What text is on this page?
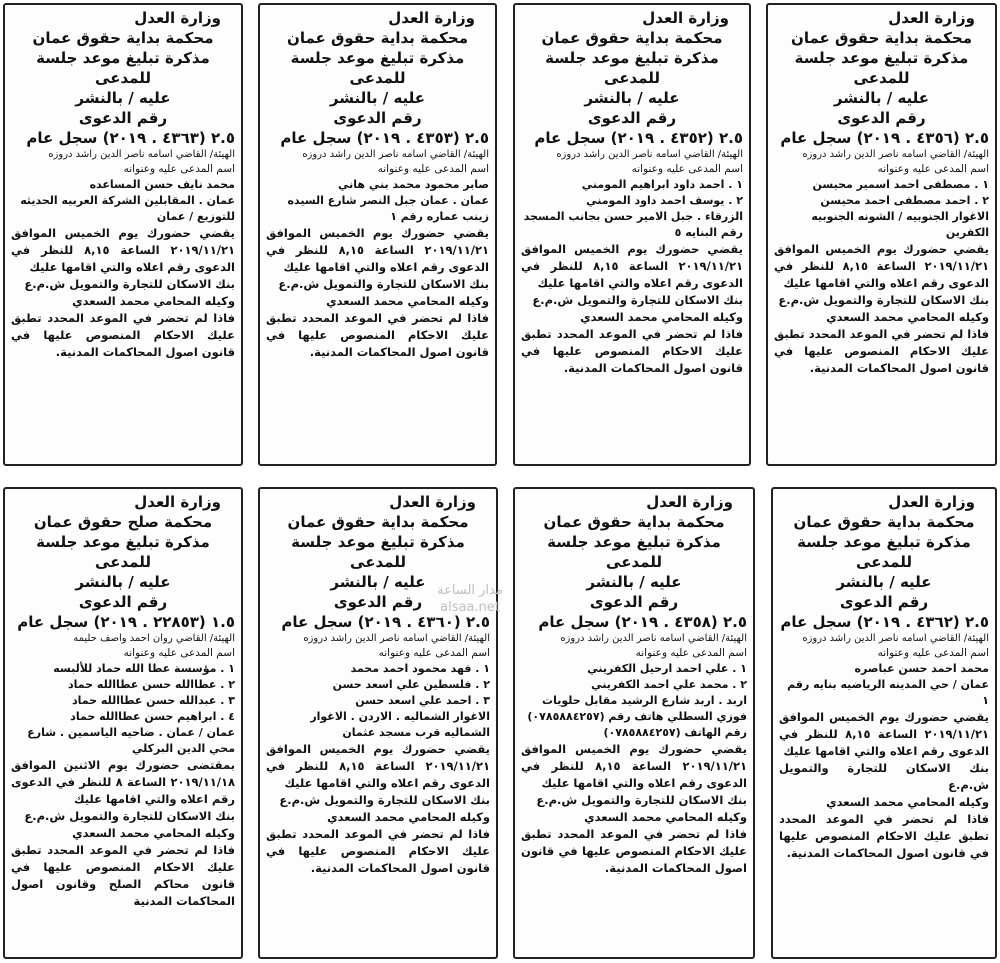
وزارة العدل
محكمة بداية حقوق عمان
مذكرة تبليغ موعد جلسة للمدعى
عليه / بالنشر
رقم الدعوى
٢.٥ (٤٣٥٦ . ٢٠١٩) سجل عام
الهيئة/ القاضي اسامه ناصر الدين راشد دروزه
اسم المدعى عليه وعنوانه
١ . مصطفى احمد اسمير محيسن
٢ . احمد مصطفى احمد محيسن
الاغوار الجنوبيه / الشونه الجنوبيه الكفرين

يقضي حضورك يوم الخميس الموافق ٢٠١٩/١١/٢١ الساعة ٨,١٥ للنظر في الدعوى رقم اعلاه والتي اقامها عليك

بنك الاسكان للتجارة والتمويل ش.م.ع

وكيله المحامي محمد السعدي

فاذا لم تحضر في الموعد المحدد تطبق عليك الاحكام المنصوص عليها في قانون اصول المحاكمات المدنية.

وزارة العدل
محكمة بداية حقوق عمان
مذكرة تبليغ موعد جلسة للمدعى
عليه / بالنشر
رقم الدعوى
٢.٥ (٤٣٥٢ . ٢٠١٩) سجل عام
الهيئة/ القاضي اسامه ناصر الدين راشد دروزه
اسم المدعى عليه وعنوانه
١ . احمد داود ابراهيم المومني
٢ . يوسف احمد داود المومني
الزرقاء . جبل الامير حسن بجانب المسجد رقم البنايه ٥

يقضي حضورك يوم الخميس الموافق ٢٠١٩/١١/٢١ الساعة ٨,١٥ للنظر في الدعوى رقم اعلاه والتي اقامها عليك

بنك الاسكان للتجارة والتمويل ش.م.ع

وكيله المحامي محمد السعدي

فاذا لم تحضر في الموعد المحدد تطبق عليك الاحكام المنصوص عليها في قانون اصول المحاكمات المدنية.

وزارة العدل
محكمة بداية حقوق عمان
مذكرة تبليغ موعد جلسة للمدعى
عليه / بالنشر
رقم الدعوى
٢.٥ (٤٣٥٣ . ٢٠١٩) سجل عام
الهيئة/ القاضي اسامه ناصر الدين راشد دروزه
اسم المدعى عليه وعنوانه
صابر محمود محمد بني هاني
عمان . عمان جبل النصر شارع السيده زينب عماره رقم ١

يقضي حضورك يوم الخميس الموافق ٢٠١٩/١١/٢١ الساعة ٨,١٥ للنظر في الدعوى رقم اعلاه والتي اقامها عليك

بنك الاسكان للتجارة والتمويل ش.م.ع

وكيله المحامي محمد السعدي

فاذا لم تحضر في الموعد المحدد تطبق عليك الاحكام المنصوص عليها في قانون اصول المحاكمات المدنية.

وزارة العدل
محكمة بداية حقوق عمان
مذكرة تبليغ موعد جلسة للمدعى
عليه / بالنشر
رقم الدعوى
٢.٥ (٤٣٦٣ . ٢٠١٩) سجل عام
الهيئة/ القاضي اسامه ناصر الدين راشد دروزه
اسم المدعى عليه وعنوانه
محمد نايف حسن المساعده
عمان . المقابلين الشركة العربيه الحديثه للتوزيع / عمان

يقضي حضورك يوم الخميس الموافق ٢٠١٩/١١/٢١ الساعة ٨,١٥ للنظر في الدعوى رقم اعلاه والتي اقامها عليك

بنك الاسكان للتجارة والتمويل ش.م.ع

وكيله المحامي محمد السعدي

فاذا لم تحضر في الموعد المحدد تطبق عليك الاحكام المنصوص عليها في قانون اصول المحاكمات المدنية.

وزارة العدل
محكمة بداية حقوق عمان
مذكرة تبليغ موعد جلسة للمدعى
عليه / بالنشر
رقم الدعوى
٢.٥ (٤٣٦٢ . ٢٠١٩) سجل عام
الهيئة/ القاضي اسامه ناصر الدين راشد دروزه
اسم المدعى عليه وعنوانه
محمد احمد حسن عباصره
عمان / حي المدينه الرياضيه بنايه رقم ١

يقضي حضورك يوم الخميس الموافق ٢٠١٩/١١/٢١ الساعة ٨,١٥ للنظر في الدعوى رقم اعلاه والتي اقامها عليك

بنك الاسكان للتجارة والتمويل ش.م.ع

وكيله المحامي محمد السعدي

فاذا لم تحضر في الموعد المحدد تطبق عليك الاحكام المنصوص عليها في قانون اصول المحاكمات المدنية.

وزارة العدل
محكمة بداية حقوق عمان
مذكرة تبليغ موعد جلسة للمدعى
عليه / بالنشر
رقم الدعوى
٢.٥ (٤٣٥٨ . ٢٠١٩) سجل عام
الهيئة/ القاضي اسامه ناصر الدين راشد دروزه
اسم المدعى عليه وعنوانه
١ . علي احمد ارحيل الكفريني
٢ . محمد علي احمد الكفريني
اربد . اربد شارع الرشيد مقابل حلويات فوزي السطلي هاتف رقم (٠٧٨٥٨٨٤٢٥٧) رقم الهاتف (٠٧٨٥٨٨٤٢٥٧)

يقضي حضورك يوم الخميس الموافق ٢٠١٩/١١/٢١ الساعة ٨,١٥ للنظر في الدعوى رقم اعلاه والتي اقامها عليك

بنك الاسكان للتجارة والتمويل ش.م.ع

وكيله المحامي محمد السعدي

فاذا لم تحضر في الموعد المحدد تطبق عليك الاحكام المنصوص عليها في قانون اصول المحاكمات المدنية.

وزارة العدل
محكمة بداية حقوق عمان
مذكرة تبليغ موعد جلسة للمدعى
عليه / بالنشر
رقم الدعوى
٢.٥ (٤٣٦٠ . ٢٠١٩) سجل عام
الهيئة/ القاضي اسامه ناصر الدين راشد دروزه
اسم المدعى عليه وعنوانه
١ . فهد محمود احمد محمد
٢ . فلسطين علي اسعد حسن
٣ . احمد علي اسعد حسن
الاغوار الشماليه . الاردن . الاغوار الشماليه قرب مسجد عثمان

يقضي حضورك يوم الخميس الموافق ٢٠١٩/١١/٢١ الساعة ٨,١٥ للنظر في الدعوى رقم اعلاه والتي اقامها عليك

بنك الاسكان للتجارة والتمويل ش.م.ع

وكيله المحامي محمد السعدي

فاذا لم تحضر في الموعد المحدد تطبق عليك الاحكام المنصوص عليها في قانون اصول المحاكمات المدنية.

وزارة العدل
محكمة صلح حقوق عمان
مذكرة تبليغ موعد جلسة للمدعى
عليه / بالنشر
رقم الدعوى
١.٥ (٢٢٨٥٣ . ٢٠١٩) سجل عام
الهيئة/ القاضي روان احمد واصف حليمه
اسم المدعى عليه وعنوانه
١ . مؤسسة عطا الله حماد للألبسه
٢ . عطاالله حسن عطاالله حماد
٣ . عبدالله حسن عطاالله حماد
٤ . ابراهيم حسن عطاالله حماد
عمان / عمان . ضاحيه الياسمين . شارع محي الدين البركلي

بمقتضى حضورك يوم الاثنين الموافق ٢٠١٩/١١/١٨ الساعة ٨ للنظر في الدعوى رقم اعلاه والتي اقامها عليك

بنك الاسكان للتجارة والتمويل ش.م.ع

وكيله المحامي محمد السعدي

فاذا لم تحضر في الموعد المحدد تطبق عليك الاحكام المنصوص عليها في قانون محاكم الصلح وقانون اصول المحاكمات المدنية

مدار الساعة
alsaa.net
